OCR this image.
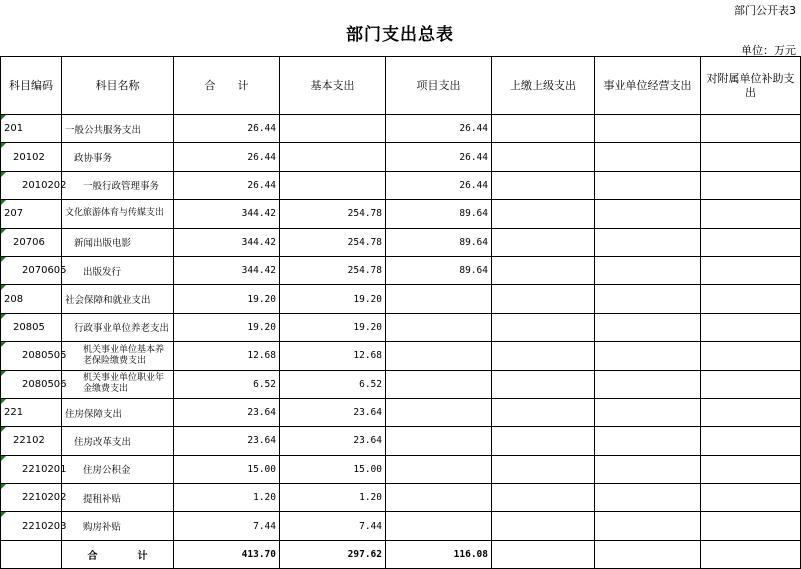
部门公开表3
部门支出总表
单位：万元
科目编码	科目名称	合　　计	基本支出	项目支出	上缴上级支出	事业单位经营支出	对附属单位补助支出
201	一般公共服务支出	26.44		26.44			
20102	政协事务	26.44		26.44			
2010202	一般行政管理事务	26.44		26.44			
207	文化旅游体育与传媒支出	344.42	254.78	89.64			
20706	新闻出版电影	344.42	254.78	89.64			
2070605	出版发行	344.42	254.78	89.64			
208	社会保障和就业支出	19.20	19.20				
20805	行政事业单位养老支出	19.20	19.20				
2080505	机关事业单位基本养老保险缴费支出	12.68	12.68				
2080506	机关事业单位职业年金缴费支出	6.52	6.52				
221	住房保障支出	23.64	23.64				
22102	住房改革支出	23.64	23.64				
2210201	住房公积金	15.00	15.00				
2210202	提租补贴	1.20	1.20				
2210203	购房补贴	7.44	7.44				
	合　　　　计	413.70	297.62	116.08			
